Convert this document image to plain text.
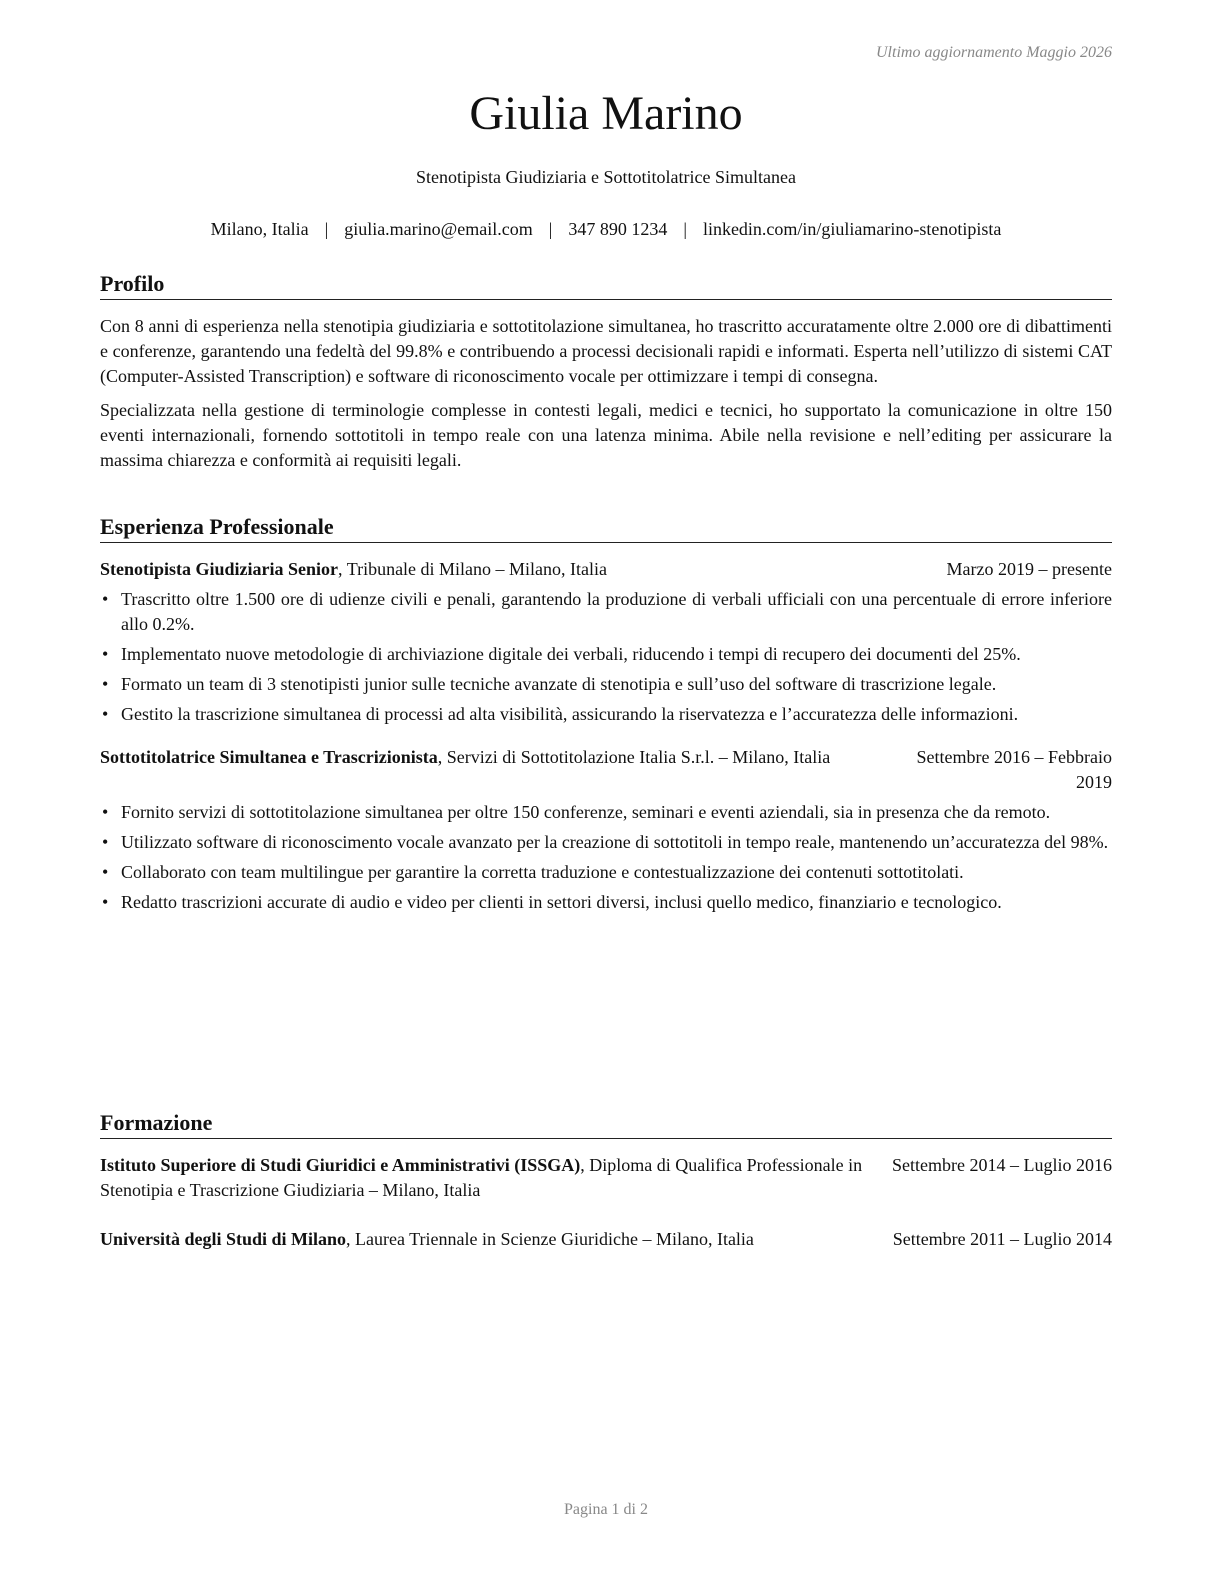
Ultimo aggiornamento Maggio 2026
Giulia Marino
Stenotipista Giudiziaria e Sottotitolatrice Simultanea
Milano, Italia | giulia.marino@email.com | 347 890 1234 | linkedin.com/in/giuliamarino-stenotipista
Profilo

Con 8 anni di esperienza nella stenotipia giudiziaria e sottotitolazione simultanea, ho trascritto accuratamente oltre 2.000 ore di dibattimenti e conferenze, garantendo una fedeltà del 99.8% e contribuendo a processi decisionali rapidi e informati. Esperta nell’utilizzo di sistemi CAT (Computer-Assisted Transcription) e software di riconoscimento vocale per ottimizzare i tempi di consegna.

Specializzata nella gestione di terminologie complesse in contesti legali, medici e tecnici, ho supportato la comunicazione in oltre 150 eventi internazionali, fornendo sottotitoli in tempo reale con una latenza minima. Abile nella revisione e nell’editing per assicurare la massima chiarezza e conformità ai requisiti legali.

Esperienza Professionale
Stenotipista Giudiziaria Senior, Tribunale di Milano – Milano, Italia	Marzo 2019 – presente
• Trascritto oltre 1.500 ore di udienze civili e penali, garantendo la produzione di verbali ufficiali con una percentuale di errore inferiore allo 0.2%.
• Implementato nuove metodologie di archiviazione digitale dei verbali, riducendo i tempi di recupero dei documenti del 25%.
• Formato un team di 3 stenotipisti junior sulle tecniche avanzate di stenotipia e sull’uso del software di trascrizione legale.
• Gestito la trascrizione simultanea di processi ad alta visibilità, assicurando la riservatezza e l’accuratezza delle informazioni.
Sottotitolatrice Simultanea e Trascrizionista, Servizi di Sottotitolazione Italia S.r.l. – Milano, Italia	Settembre 2016 – Febbraio 2019
• Fornito servizi di sottotitolazione simultanea per oltre 150 conferenze, seminari e eventi aziendali, sia in presenza che da remoto.
• Utilizzato software di riconoscimento vocale avanzato per la creazione di sottotitoli in tempo reale, mantenendo un’accuratezza del 98%.
• Collaborato con team multilingue per garantire la corretta traduzione e contestualizzazione dei contenuti sottotitolati.
• Redatto trascrizioni accurate di audio e video per clienti in settori diversi, inclusi quello medico, finanziario e tecnologico.
Formazione
Istituto Superiore di Studi Giuridici e Amministrativi (ISSGA), Diploma di Qualifica Professionale in Stenotipia e Trascrizione Giudiziaria – Milano, Italia
Settembre 2014 – Luglio 2016
Università degli Studi di Milano, Laurea Triennale in Scienze Giuridiche – Milano, Italia	Settembre 2011 – Luglio 2014
Pagina 1 di 2
